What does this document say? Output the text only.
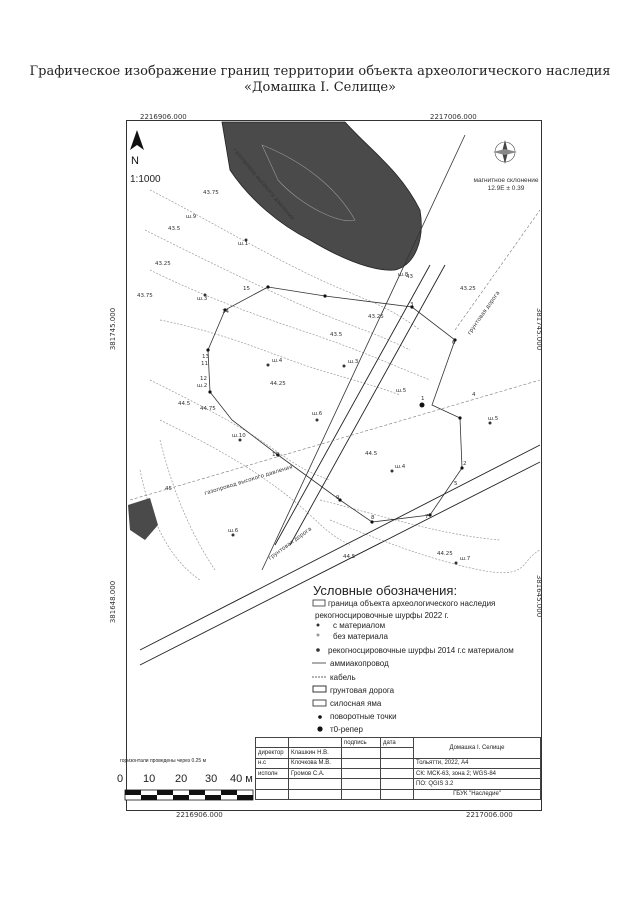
Графическое изображение границ территории объекта археологического наследия
«Домашка I. Селище»
43.75
43.5
43.25
43.75
43.5
43.25
44.25
44.5
44.75
45
44.5
44.25
43.25
44.5
43
ш.1
ш.3
ш.4	ш.3
ш.5
ш.6
ш.5
ш.4
ш.6
ш.7
ш.9
ш.10
ш.2
ш.8
1
2
3
4
5
6
7
8
9
10
11
12
13
14
15
газопровод высокого давления
грунтовая дорога
грунтовая дорога
газопровод высокого давления
2216906.000	2217006.000
2216906.000	2217006.000
381745.000
381648.000
381745.000
381645.000
N
1:1000	магнитное склонение
12.9E ± 0.39
Условные обозначения:
граница объекта археологического наследия
рекогносцировочные шурфы 2022 г.
с материалом
без материала
рекогносцировочные шурфы 2014 г.с материалом
аммиакопровод
кабель
грунтовая дорога
силосная яма
поворотные точки
т0-репер
		подпись	дата	Домашка I. Селище
директор	Клашкин Н.В.			
н.с	Клочкова М.В.			Тольятти, 2022, А4
исполн	Громов С.А.			СК: МСК-63, зона 2; WGS-84
				ПО: QGIS 3.2
				ГБУК "Наследие"
горизонтали проведены через 0.25 м
0 10 20 30 40 м
